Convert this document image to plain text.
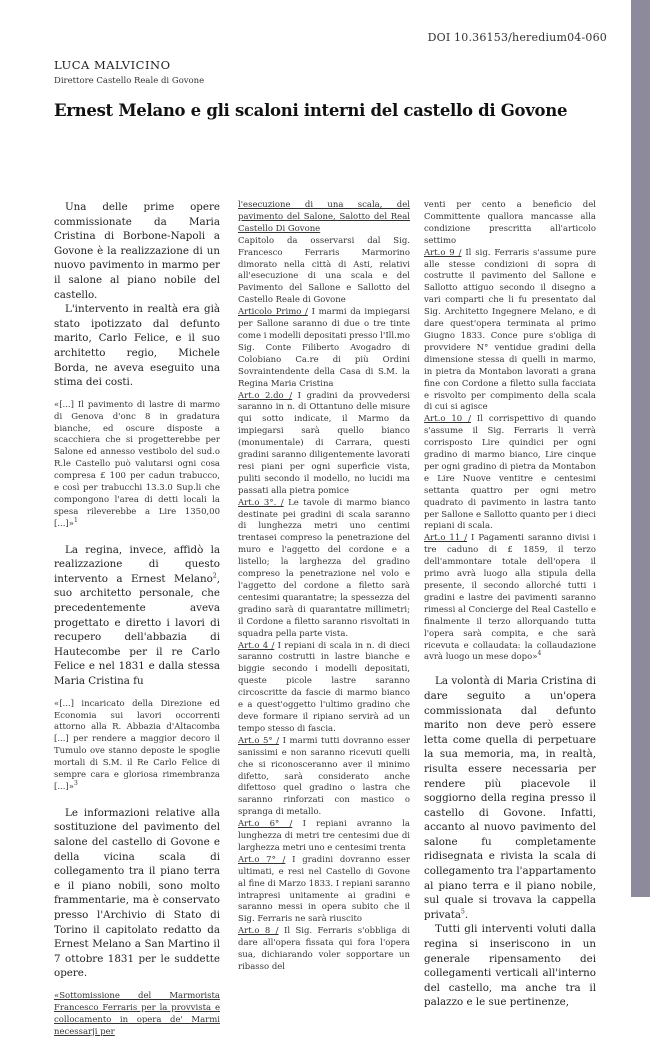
DOI 10.36153/heredium04-060
LUCA MALVICINO
Direttore Castello Reale di Govone
Ernest Melano e gli scaloni interni del castello di Govone

Una delle prime opere commissionate da Maria Cristina di Borbone-Napoli a Govone è la realizzazione di un nuovo pavimento in marmo per il salone al piano nobile del castello.

L'intervento in realtà era già stato ipotizzato dal defunto marito, Carlo Felice, e il suo architetto regio, Michele Borda, ne aveva eseguito una stima dei costi.

«[...] Il pavimento di lastre di marmo di Genova d'onc 8 in gradatura bianche, ed oscure disposte a scacchiera che si progetterebbe per Salone ed annesso vestibolo del sud.o R.le Castello può valutarsi ogni cosa compresa £ 100 per cadun trabucco, e così per trabucchi 13.3.0 Sup.li che compongono l'area di detti locali la spesa rileverebbe a Lire 1350,00 [...]»$^1$

La regina, invece, affidò la realizzazione di questo intervento a Ernest Melano$^2$, suo architetto personale, che precedentemente aveva progettato e diretto i lavori di recupero dell'abbazia di Hautecombe per il re Carlo Felice e nel 1831 e dalla stessa Maria Cristina fu

«[...] incaricato della Direzione ed Economia sui lavori occorrenti attorno alla R. Abbazia d'Altacomba [...] per rendere a maggior decoro il Tumulo ove stanno deposte le spoglie mortali di S.M. il Re Carlo Felice di sempre cara e gloriosa rimembranza [...]»$^3$

Le informazioni relative alla sostituzione del pavimento del salone del castello di Govone e della vicina scala di collegamento tra il piano terra e il piano nobili, sono molto frammentarie, ma è conservato presso l'Archivio di Stato di Torino il capitolato redatto da Ernest Melano a San Martino il 7 ottobre 1831 per le suddette opere.

«Sottomissione del Marmorista Francesco Ferraris per la provvista e collocamento in opera de' Marmi necessarji per

l'esecuzione di una scala, del pavimento del Salone, Salotto del Real Castello Di Govone

Capitolo da osservarsi dal Sig. Francesco Ferraris Marmorino dimorato nella città di Asti, relativi all'esecuzione di una scala e del Pavimento del Sallone e Sallotto del Castello Reale di Govone

Articolo Primo / I marmi da impiegarsi per Sallone saranno di due o tre tinte come i modelli depositati presso l'Ill.mo Sig. Conte Filiberto Avogadro di Colobiano Ca.re di più Ordini Sovraintendente della Casa di S.M. la Regina Maria Cristina

Art.o 2.do / I gradini da provvedersi saranno in n. di Ottantuno delle misure qui sotto indicate, il Marmo da impiegarsi sarà quello bianco (monumentale) di Carrara, questi gradini saranno diligentemente lavorati resi piani per ogni superficie vista, puliti secondo il modello, no lucidi ma passati alla pietra pomice

Art.o 3°. / Le tavole di marmo bianco destinate pei gradini di scala saranno di lunghezza metri uno centimi trentasei compreso la penetrazione del muro e l'aggetto del cordone e a listello; la larghezza del gradino compreso la penetrazione nel volo e l'aggetto del cordone a filetto sarà centesimi quarantatre; la spessezza del gradino sarà di quarantatre millimetri; il Cordone a filetto saranno risvoltati in squadra pella parte vista.

Art.o 4 / I repiani di scala in n. di dieci saranno costrutti in lastre bianche e biggie secondo i modelli depositati, queste picole lastre saranno circoscritte da fascie di marmo bianco e a quest'oggetto l'ultimo gradino che deve formare il ripiano servirà ad un tempo stesso di fascia.

Art.o 5° / I marmi tutti dovranno esser sanissimi e non saranno ricevuti quelli che si riconosceranno aver il minimo difetto, sarà considerato anche difettoso quel gradino o lastra che saranno rinforzati con mastico o spranga di metallo.

Art.o 6° / I repiani avranno la lunghezza di metri tre centesimi due di larghezza metri uno e centesimi trenta

Art.o 7° / I gradini dovranno esser ultimati, e resi nel Castello di Govone al fine di Marzo 1833. I repiani saranno intrapresi unitamente ai gradini e saranno messi in opera subito che il Sig. Ferraris ne sarà riuscito

Art.o 8 / Il Sig. Ferraris s'obbliga di dare all'opera fissata qui fora l'opera sua, dichiarando voler sopportare un ribasso del

venti per cento a beneficio del Committente quallora mancasse alla condizione prescritta all'articolo settimo

Art.o 9 / Il sig. Ferraris s'assume pure alle stesse condizioni di sopra di costrutte il pavimento del Sallone e Sallotto attiguo secondo il disegno a vari comparti che li fu presentato dal Sig. Architetto Ingegnere Melano, e di dare quest'opera terminata al primo Giugno 1833. Conce pure s'obliga di provvidere N° ventidue gradini della dimensione stessa di quelli in marmo, in pietra da Montabon lavorati a grana fine con Cordone a filetto sulla facciata e risvolto per compimento della scala di cui si agisce

Art.o 10 / Il corrispettivo di quando s'assume il Sig. Ferraris li verrà corrisposto Lire quindici per ogni gradino di marmo bianco, Lire cinque per ogni gradino di pietra da Montabon e Lire Nuove ventitre e centesimi settanta quattro per ogni metro quadrato di pavimento in lastra tanto per Sallone e Sallotto quanto per i dieci repiani di scala.

Art.o 11 / I Pagamenti saranno divisi i tre caduno di £ 1859, il terzo dell'ammontare totale dell'opera il primo avrà luogo alla stipula della presente, il secondo allorché tutti i gradini e lastre dei pavimenti saranno rimessi al Concierge del Real Castello e finalmente il terzo allorquando tutta l'opera sarà compita, e che sarà ricevuta e collaudata: la collaudazione avrà luogo un mese dopo»$^4$

La volontà di Maria Cristina di dare seguito a un'opera commissionata dal defunto marito non deve però essere letta come quella di perpetuare la sua memoria, ma, in realtà, risulta essere necessaria per rendere più piacevole il soggiorno della regina presso il castello di Govone. Infatti, accanto al nuovo pavimento del salone fu completamente ridisegnata e rivista la scala di collegamento tra l'appartamento al piano terra e il piano nobile, sul quale si trovava la cappella privata$^5$.

Tutti gli interventi voluti dalla regina si inseriscono in un generale ripensamento dei collegamenti verticali all'interno del castello, ma anche tra il palazzo e le sue pertinenze,
